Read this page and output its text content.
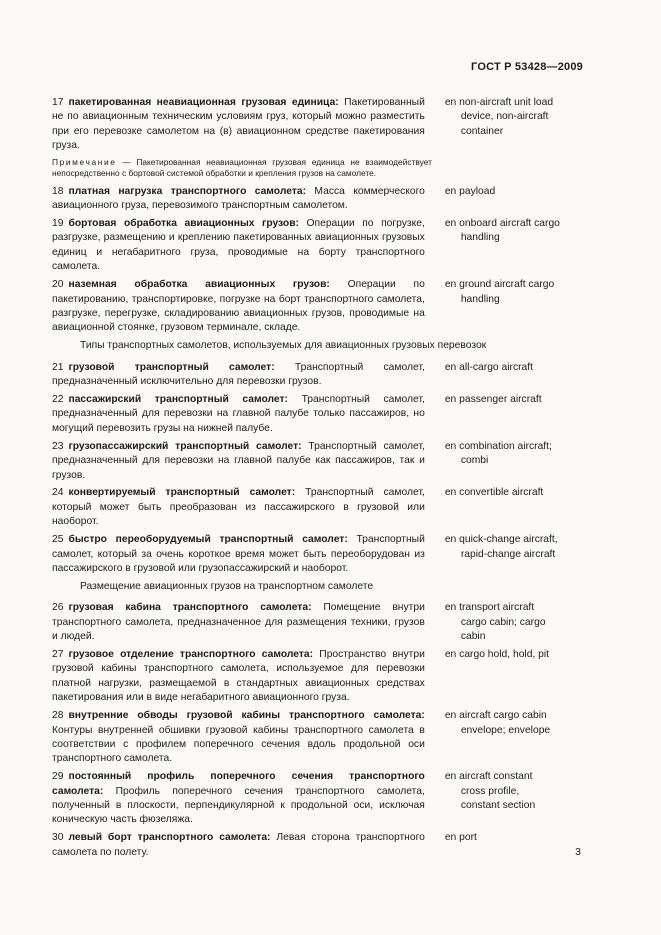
ГОСТ Р 53428—2009
17 пакетированная неавиационная грузовая единица: Пакетированный не по авиационным техническим условиям груз, который можно разместить при его перевозке самолетом на (в) авиационном средстве пакетирования груза.
en non-aircraft unit load
device, non-aircraft
container
Примечание — Пакетированная неавиационная грузовая единица не взаимодействует непосредственно с бортовой системой обработки и крепления грузов на самолете.
18 платная нагрузка транспортного самолета: Масса коммерческого авиационного груза, перевозимого транспортным самолетом.
en payload
19 бортовая обработка авиационных грузов: Операции по погрузке, разгрузке, размещению и креплению пакетированных авиационных грузовых единиц и негабаритного груза, проводимые на борту транспортного самолета.
en onboard aircraft cargo
handling
20 наземная обработка авиационных грузов: Операции по пакетированию, транспортировке, погрузке на борт транспортного самолета, разгрузке, перегрузке, складированию авиационных грузов, проводимые на авиационной стоянке, грузовом терминале, складе.
en ground aircraft cargo
handling
Типы транспортных самолетов, используемых для авиационных грузовых перевозок
21 грузовой транспортный самолет: Транспортный самолет, предназначенный исключительно для перевозки грузов.
en all-cargo aircraft
22 пассажирский транспортный самолет: Транспортный самолет, предназначенный для перевозки на главной палубе только пассажиров, но могущий перевозить грузы на нижней палубе.
en passenger aircraft
23 грузопассажирский транспортный самолет: Транспортный самолет, предназначенный для перевозки на главной палубе как пассажиров, так и грузов.
en combination aircraft;
combi
24 конвертируемый транспортный самолет: Транспортный самолет, который может быть преобразован из пассажирского в грузовой или наоборот.
en convertible aircraft
25 быстро переоборудуемый транспортный самолет: Транспортный самолет, который за очень короткое время может быть переоборудован из пассажирского в грузовой или грузопассажирский и наоборот.
en quick-change aircraft,
rapid-change aircraft
Размещение авиационных грузов на транспортном самолете
26 грузовая кабина транспортного самолета: Помещение внутри транспортного самолета, предназначенное для размещения техники, грузов и людей.
en transport aircraft
cargo cabin; cargo
cabin
27 грузовое отделение транспортного самолета: Пространство внутри грузовой кабины транспортного самолета, используемое для перевозки платной нагрузки, размещаемой в стандартных авиационных средствах пакетирования или в виде негабаритного авиационного груза.
en cargo hold, hold, pit
28 внутренние обводы грузовой кабины транспортного самолета: Контуры внутренней обшивки грузовой кабины транспортного самолета в соответствии с профилем поперечного сечения вдоль продольной оси транспортного самолета.
en aircraft cargo cabin
envelope; envelope
29 постоянный профиль поперечного сечения транспортного самолета: Профиль поперечного сечения транспортного самолета, полученный в плоскости, перпендикулярной к продольной оси, исключая коническую часть фюзеляжа.
en aircraft constant
cross profile,
constant section
30 левый борт транспортного самолета: Левая сторона транспортного самолета по полету.
en port
3
